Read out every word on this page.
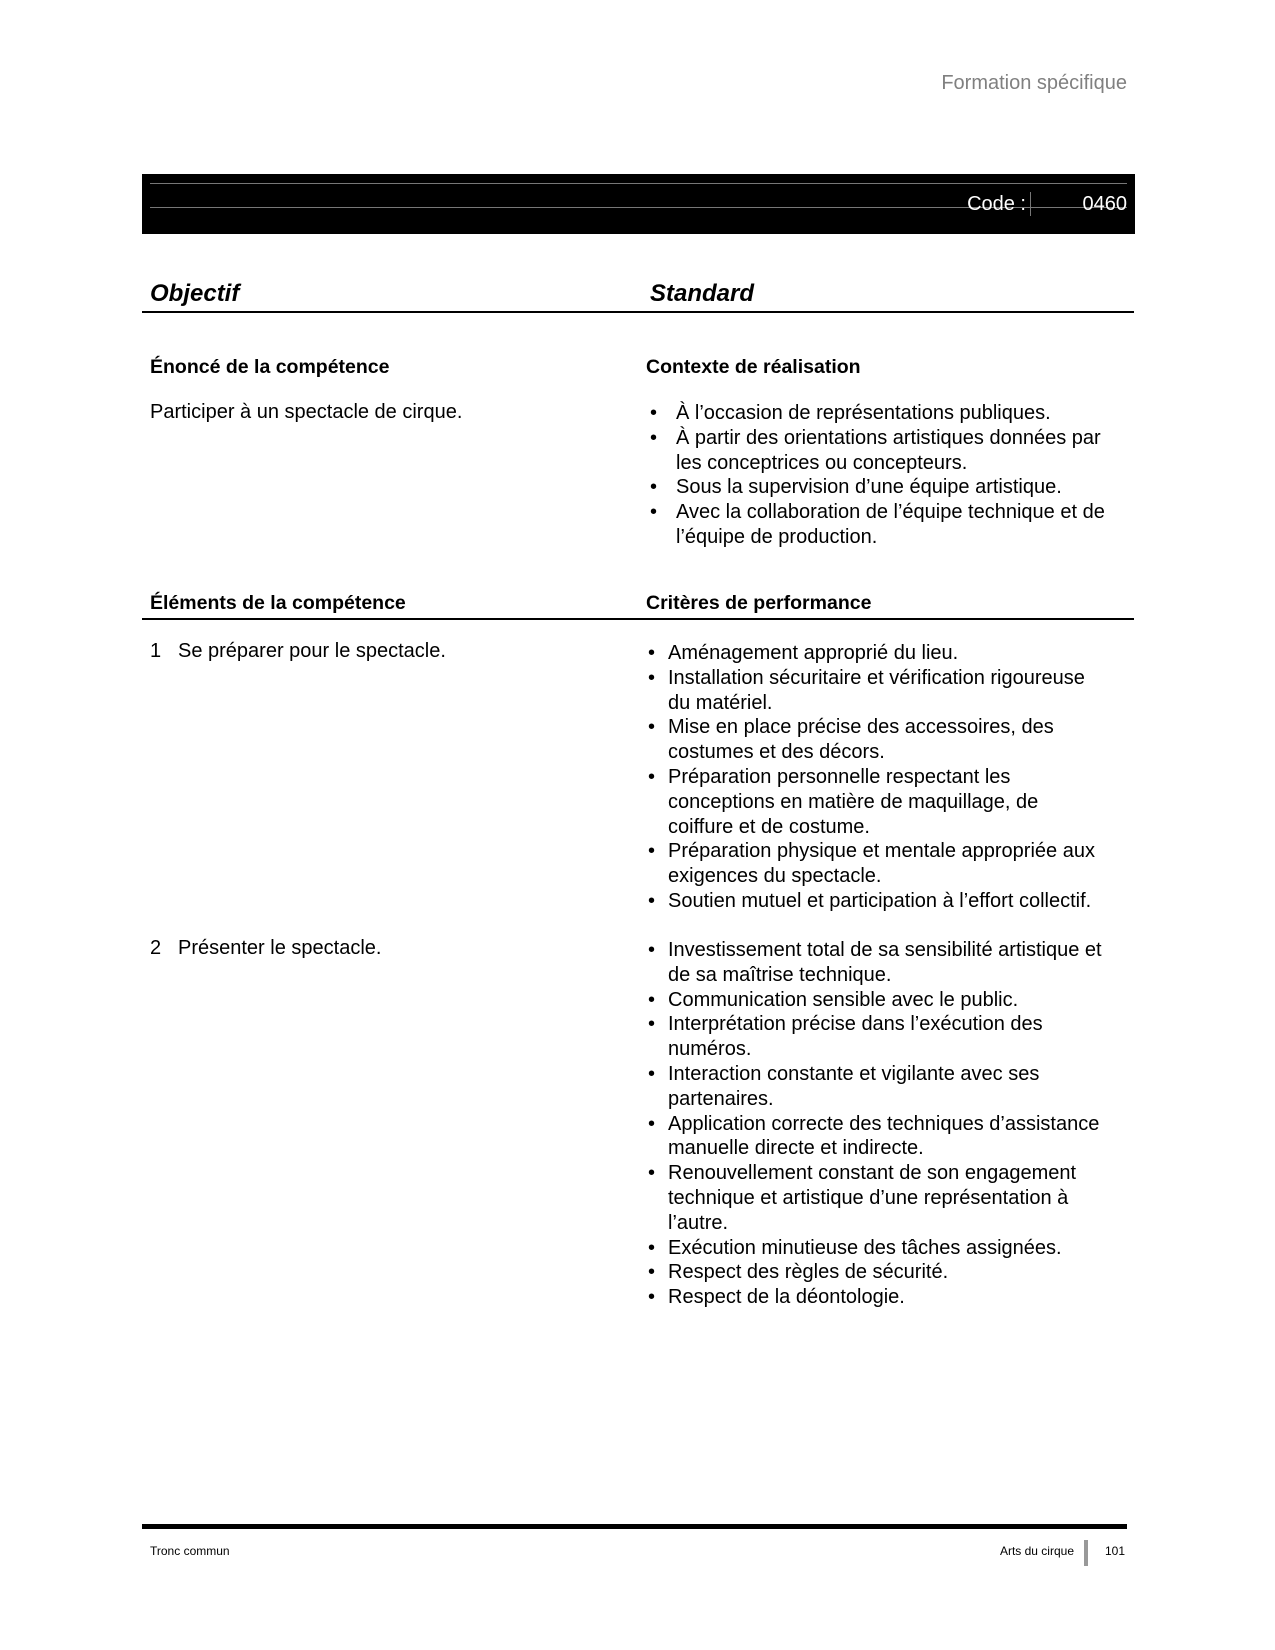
Formation spécifique
Code :	0460
Objectif	Standard
Énoncé de la compétence	Contexte de réalisation
Participer à un spectacle de cirque.	• À l’occasion de représentations publiques.
• À partir des orientations artistiques données par les conceptrices ou concepteurs.
• Sous la supervision d’une équipe artistique.
• Avec la collaboration de l’équipe technique et de l’équipe de production.
Éléments de la compétence	Critères de performance
1 Se préparer pour le spectacle.	• Aménagement approprié du lieu.
• Installation sécuritaire et vérification rigoureuse du matériel.
• Mise en place précise des accessoires, des costumes et des décors.
• Préparation personnelle respectant les conceptions en matière de maquillage, de coiffure et de costume.
• Préparation physique et mentale appropriée aux exigences du spectacle.
• Soutien mutuel et participation à l’effort collectif.
2 Présenter le spectacle.	• Investissement total de sa sensibilité artistique et de sa maîtrise technique.
• Communication sensible avec le public.
• Interprétation précise dans l’exécution des numéros.
• Interaction constante et vigilante avec ses partenaires.
• Application correcte des techniques d’assistance manuelle directe et indirecte.
• Renouvellement constant de son engagement technique et artistique d’une représentation à l’autre.
• Exécution minutieuse des tâches assignées.
• Respect des règles de sécurité.
• Respect de la déontologie.
Tronc commun	Arts du cirque	101
